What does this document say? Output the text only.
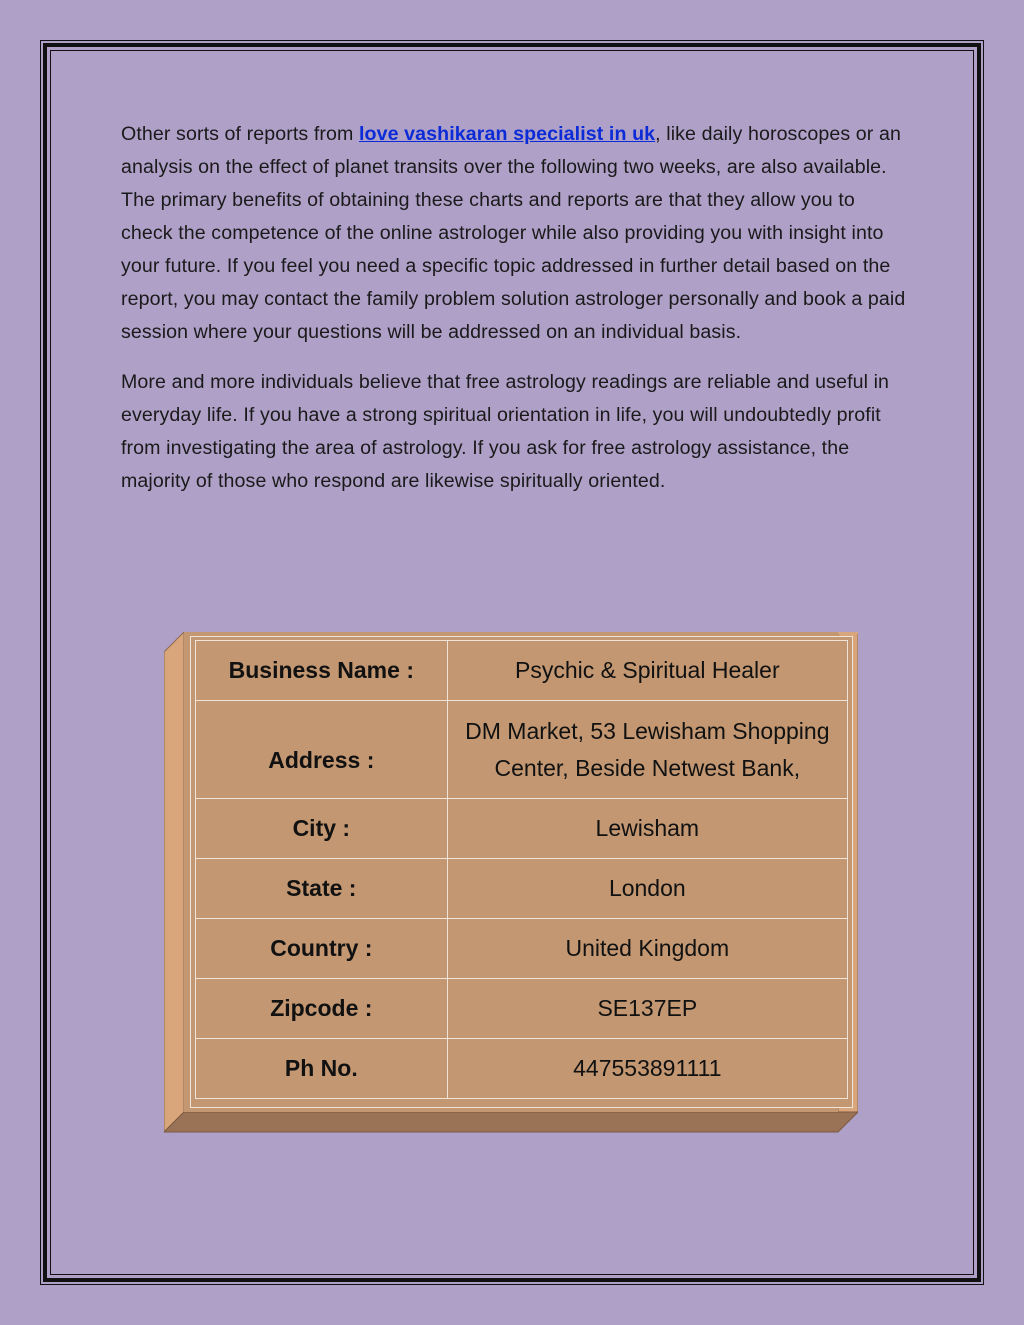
Other sorts of reports from love vashikaran specialist in uk, like daily horoscopes or an analysis on the effect of planet transits over the following two weeks, are also available. The primary benefits of obtaining these charts and reports are that they allow you to check the competence of the online astrologer while also providing you with insight into your future. If you feel you need a specific topic addressed in further detail based on the report, you may contact the family problem solution astrologer personally and book a paid session where your questions will be addressed on an individual basis.

More and more individuals believe that free astrology readings are reliable and useful in everyday life. If you have a strong spiritual orientation in life, you will undoubtedly profit from investigating the area of astrology. If you ask for free astrology assistance, the majority of those who respond are likewise spiritually oriented.

Business Name :	Psychic & Spiritual Healer
Address :	DM Market, 53 Lewisham Shopping Center, Beside Netwest Bank,
City :	Lewisham
State :	London
Country :	United Kingdom
Zipcode :	SE137EP
Ph No.	447553891111
